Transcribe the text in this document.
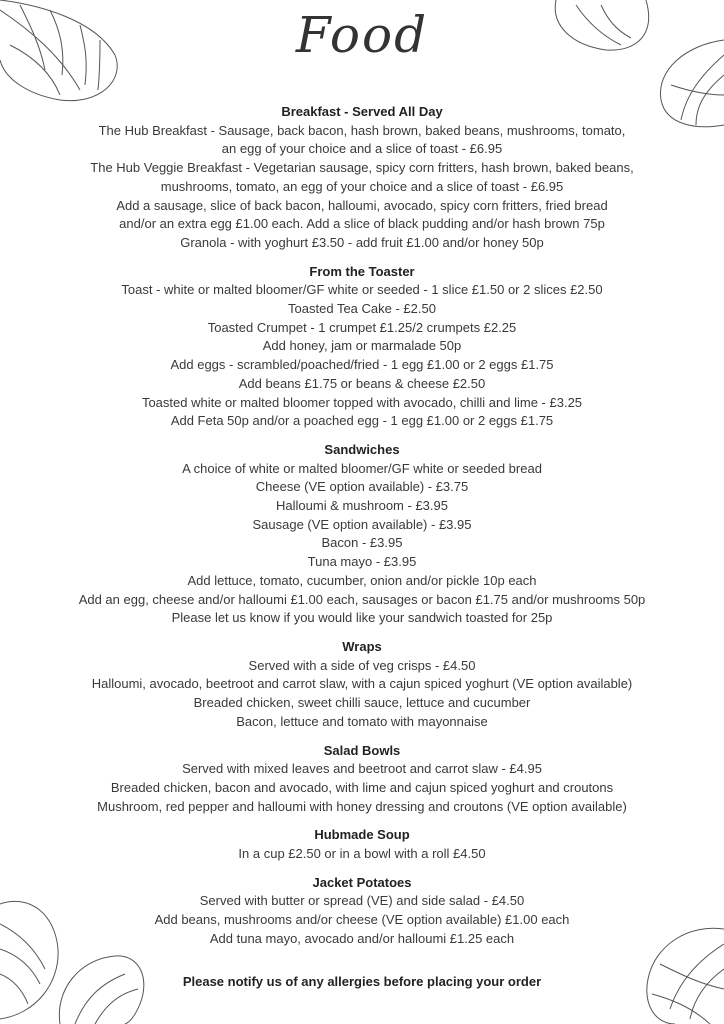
Food
Breakfast - Served All Day
The Hub Breakfast - Sausage, back bacon, hash brown, baked beans, mushrooms, tomato,
an egg of your choice and a slice of toast - £6.95
The Hub Veggie Breakfast - Vegetarian sausage, spicy corn fritters, hash brown, baked beans,
mushrooms, tomato, an egg of your choice and a slice of toast - £6.95
Add a sausage, slice of back bacon, halloumi, avocado, spicy corn fritters, fried bread
and/or an extra egg £1.00 each. Add a slice of black pudding and/or hash brown 75p
Granola - with yoghurt £3.50 - add fruit £1.00 and/or honey 50p
From the Toaster
Toast - white or malted bloomer/GF white or seeded - 1 slice £1.50 or 2 slices £2.50
Toasted Tea Cake - £2.50
Toasted Crumpet - 1 crumpet £1.25/2 crumpets £2.25
Add honey, jam or marmalade 50p
Add eggs - scrambled/poached/fried - 1 egg £1.00 or 2 eggs £1.75
Add beans £1.75 or beans & cheese £2.50
Toasted white or malted bloomer topped with avocado, chilli and lime - £3.25
Add Feta 50p and/or a poached egg - 1 egg £1.00 or 2 eggs £1.75
Sandwiches
A choice of white or malted bloomer/GF white or seeded bread
Cheese (VE option available) - £3.75
Halloumi & mushroom - £3.95
Sausage (VE option available) - £3.95
Bacon - £3.95
Tuna mayo - £3.95
Add lettuce, tomato, cucumber, onion and/or pickle 10p each
Add an egg, cheese and/or halloumi £1.00 each, sausages or bacon £1.75 and/or mushrooms 50p
Please let us know if you would like your sandwich toasted for 25p
Wraps
Served with a side of veg crisps - £4.50
Halloumi, avocado, beetroot and carrot slaw, with a cajun spiced yoghurt (VE option available)
Breaded chicken, sweet chilli sauce, lettuce and cucumber
Bacon, lettuce and tomato with mayonnaise
Salad Bowls
Served with mixed leaves and beetroot and carrot slaw - £4.95
Breaded chicken, bacon and avocado, with lime and cajun spiced yoghurt and croutons
Mushroom, red pepper and halloumi with honey dressing and croutons (VE option available)
Hubmade Soup
In a cup £2.50 or in a bowl with a roll £4.50
Jacket Potatoes
Served with butter or spread (VE) and side salad - £4.50
Add beans, mushrooms and/or cheese (VE option available) £1.00 each
Add tuna mayo, avocado and/or halloumi £1.25 each
Please notify us of any allergies before placing your order
